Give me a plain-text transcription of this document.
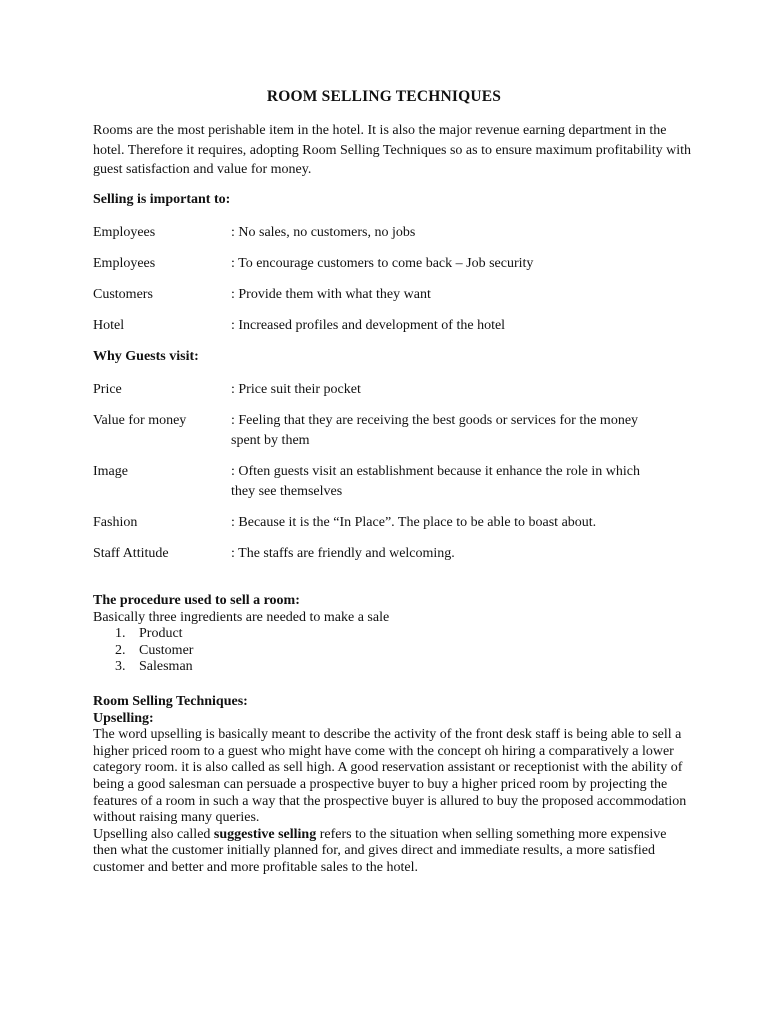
ROOM SELLING TECHNIQUES
Rooms are the most perishable item in the hotel. It is also the major revenue earning department in the hotel. Therefore it requires, adopting Room Selling Techniques so as to ensure maximum profitability with guest satisfaction and value for money.
Selling is important to:
Employees	: No sales, no customers, no jobs
Employees	: To encourage customers to come back – Job security
Customers	: Provide them with what they want
Hotel	: Increased profiles and development of the hotel
Why Guests visit:
Price	: Price suit their pocket
Value for money	: Feeling that they are receiving the best goods or services for the money spent by them
Image	: Often guests visit an establishment because it enhance the role in which they see themselves
Fashion	: Because it is the “In Place”. The place to be able to boast about.
Staff Attitude	: The staffs are friendly and welcoming.
The procedure used to sell a room:
Basically three ingredients are needed to make a sale
1. Product
2. Customer
3. Salesman
Room Selling Techniques:
Upselling:
The word upselling is basically meant to describe the activity of the front desk staff is being able to sell a higher priced room to a guest who might have come with the concept oh hiring a comparatively a lower category room. it is also called as sell high. A good reservation assistant or receptionist with the ability of being a good salesman can persuade a prospective buyer to buy a higher priced room by projecting the features of a room in such a way that the prospective buyer is allured to buy the proposed accommodation without raising many queries.
Upselling also called suggestive selling refers to the situation when selling something more expensive then what the customer initially planned for, and gives direct and immediate results, a more satisfied customer and better and more profitable sales to the hotel.
